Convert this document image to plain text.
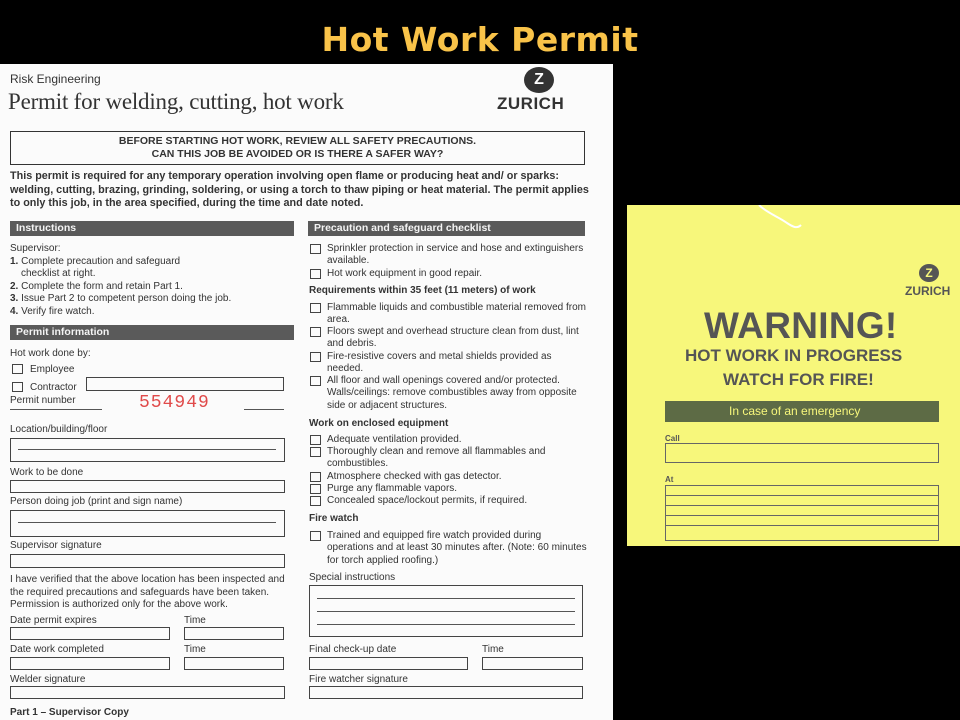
Hot Work Permit
Risk Engineering
Permit for welding, cutting, hot work
Z
ZURICH
BEFORE STARTING HOT WORK, REVIEW ALL SAFETY PRECAUTIONS.
CAN THIS JOB BE AVOIDED OR IS THERE A SAFER WAY?
This permit is required for any temporary operation involving open flame or producing heat and/ or sparks: welding, cutting, brazing, grinding, soldering, or using a torch to thaw piping or heat material. The permit applies to only this job, in the area specified, during the time and date noted.
Instructions
Supervisor:
1. Complete precaution and safeguard
checklist at right.
2. Complete the form and retain Part 1.
3. Issue Part 2 to competent person doing the job.
4. Verify fire watch.
Permit information
Hot work done by:
Employee
Contractor
Permit number	554949
Location/building/floor
Work to be done
Person doing job (print and sign name)
Supervisor signature
I have verified that the above location has been inspected and the required precautions and safeguards have been taken. Permission is authorized only for the above work.
Date permit expires	Time
Date work completed	Time
Welder signature
Part 1 – Supervisor Copy
Precaution and safeguard checklist
Sprinkler protection in service and hose and extinguishers available.
Hot work equipment in good repair.
Requirements within 35 feet (11 meters) of work
Flammable liquids and combustible material removed from area.
Floors swept and overhead structure clean from dust, lint and debris.
Fire-resistive covers and metal shields provided as needed.
All floor and wall openings covered and/or protected. Walls/ceilings: remove combustibles away from opposite side or adjacent structures.
Work on enclosed equipment
Adequate ventilation provided.
Thoroughly clean and remove all flammables and combustibles.
Atmosphere checked with gas detector.
Purge any flammable vapors.
Concealed space/lockout permits, if required.
Fire watch
Trained and equipped fire watch provided during operations and at least 30 minutes after. (Note: 60 minutes for torch applied roofing.)
Special instructions
Final check-up date	Time
Fire watcher signature
Z
ZURICH
WARNING!
HOT WORK IN PROGRESS
WATCH FOR FIRE!
In case of an emergency
Call
At
